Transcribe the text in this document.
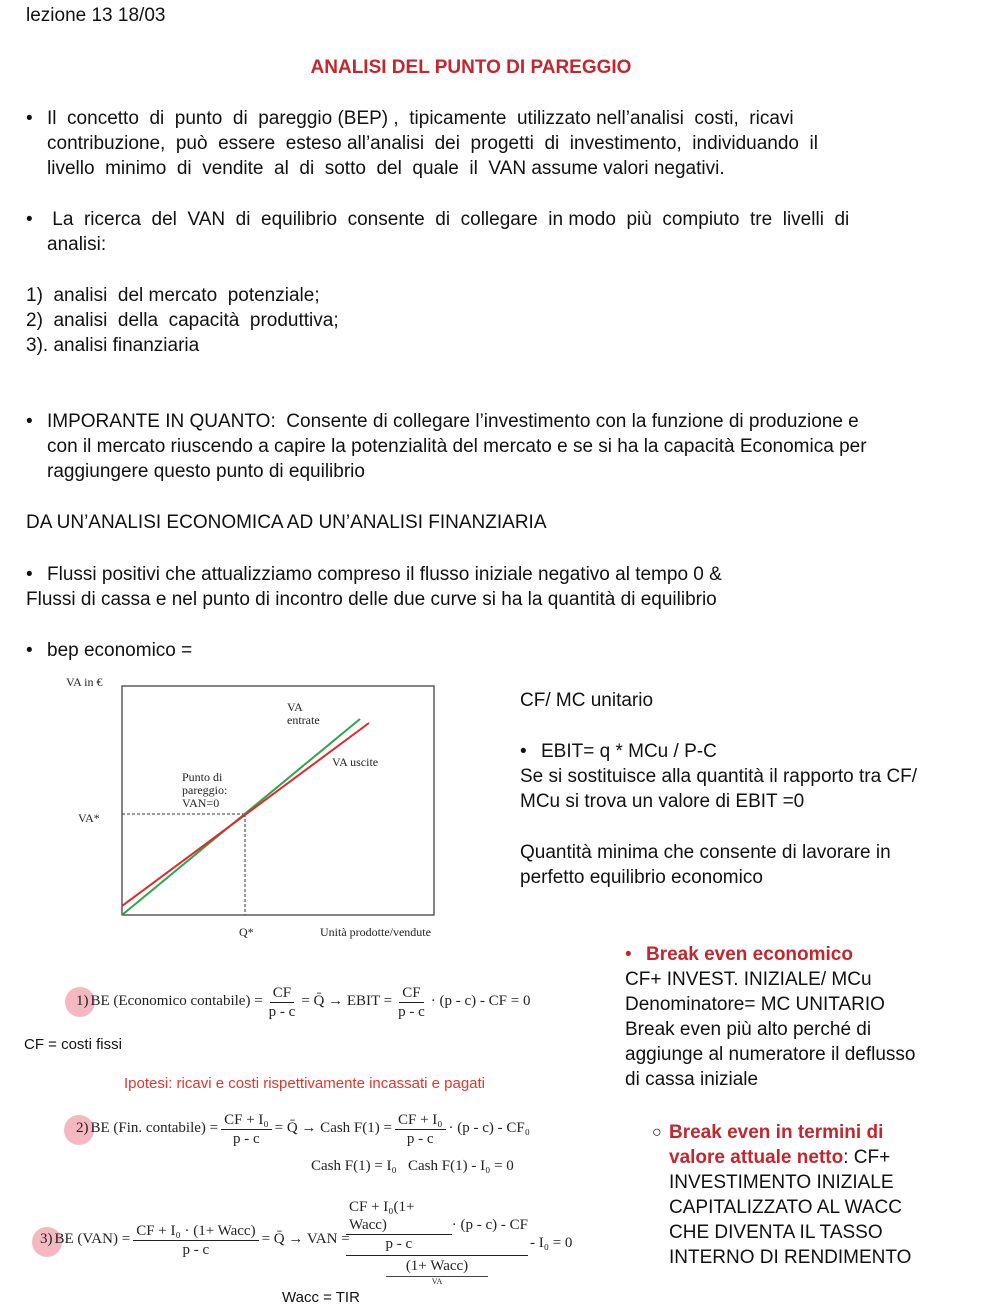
lezione 13 18/03
ANALISI DEL PUNTO DI PAREGGIO
• Il  concetto  di  punto  di  pareggio (BEP) ,  tipicamente  utilizzato nell’analisi  costi,  ricavi
contribuzione,  può  essere  esteso all’analisi  dei  progetti  di  investimento,  individuando  il
livello  minimo  di  vendite  al  di  sotto  del  quale  il  VAN assume valori negativi.
• La  ricerca  del  VAN  di  equilibrio  consente  di  collegare  in modo  più  compiuto  tre  livelli  di
analisi:
1)  analisi  del mercato  potenziale;
2)  analisi  della  capacità  produttiva;
3). analisi finanziaria
• IMPORANTE IN QUANTO:  Consente di collegare l’investimento con la funzione di produzione e
con il mercato riuscendo a capire la potenzialità del mercato e se si ha la capacità Economica per
raggiungere questo punto di equilibrio
DA UN’ANALISI ECONOMICA AD UN’ANALISI FINANZIARIA
• Flussi positivi che attualizziamo compreso il flusso iniziale negativo al tempo 0 &
Flussi di cassa e nel punto di incontro delle due curve si ha la quantità di equilibrio
• bep economico =
VA in €
VA
entrate
VA uscite
Punto di
pareggio:
VAN=0
VA*
Q*	Unità prodotte/vendute
CF/ MC unitario
• EBIT= q * MCu / P-C
Se si sostituisce alla quantità il rapporto tra CF/
MCu si trova un valore di EBIT =0
Quantità minima che consente di lavorare in
perfetto equilibrio economico
• Break even economico
CF+ INVEST. INIZIALE/ MCu
Denominatore= MC UNITARIO
Break even più alto perché di
aggiunge al numeratore il deflusso
di cassa iniziale
○ Break even in termini di
valore attuale netto: CF+
INVESTIMENTO INIZIALE
CAPITALIZZATO AL WACC
CHE DIVENTA IL TASSO
INTERNO DI RENDIMENTO
1) BE (Economico contabile) = $\frac{CF}{p - c}$ = Q̄ → EBIT = $\frac{CF}{p - c} \cdot (p - c)$ - CF = 0
CF = costi fissi
Ipotesi: ricavi e costi rispettivamente incassati e pagati
2) BE (Fin. contabile) = $\frac{\text{CF + I₀}}{p - c}$ = Q̄ → Cash $F(1) = \frac{\text{CF + I₀}}{p - c} \cdot (p - c) - CF_0$
Cash F(1) = I₀   Cash F(1) - I₀ = 0
3) BE $(VAN) = \frac{\text{CF + I₀ · (1+ Wacc)}}{p - c}$ = Q̄ → VAN =
$\frac{\text{CF + I₀(1+ Wacc)}}{p - c} \cdot (p - c)$ - CF
(1+ Wacc)
VA
- I₀ = 0
Wacc = TIR
